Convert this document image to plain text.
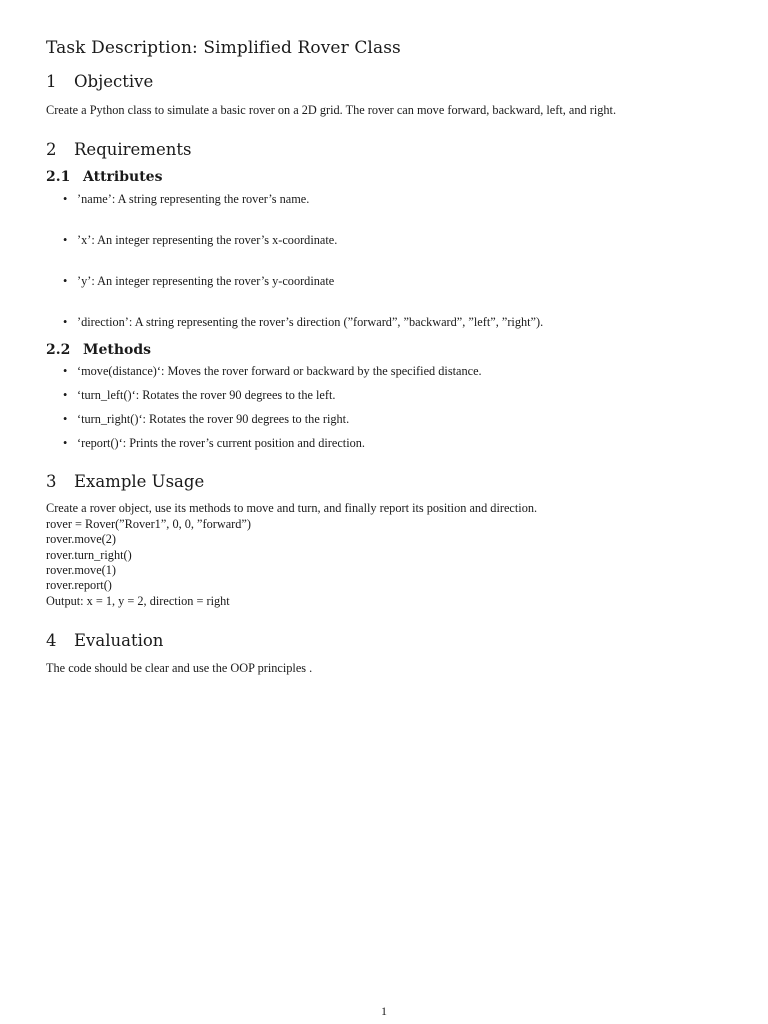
Task Description: Simplified Rover Class
1	Objective

Create a Python class to simulate a basic rover on a 2D grid. The rover can move forward, backward, left, and right.

2	Requirements
2.1 Attributes
• ’name’: A string representing the rover’s name.
• ’x’: An integer representing the rover’s x-coordinate.
• ’y’: An integer representing the rover’s y-coordinate
• ’direction’: A string representing the rover’s direction (”forward”, ”backward”, ”left”, ”right”).
2.2 Methods
• ‘move(distance)‘: Moves the rover forward or backward by the specified distance.
• ‘turn_left()‘: Rotates the rover 90 degrees to the left.
• ‘turn_right()‘: Rotates the rover 90 degrees to the right.
• ‘report()‘: Prints the rover’s current position and direction.
3	Example Usage

Create a rover object, use its methods to move and turn, and finally report its position and direction.

rover = Rover(”Rover1”, 0, 0, ”forward”)

rover.move(2)

rover.turn_right()

rover.move(1)

rover.report()

Output: x = 1, y = 2, direction = right

4	Evaluation

The code should be clear and use the OOP principles .

1
